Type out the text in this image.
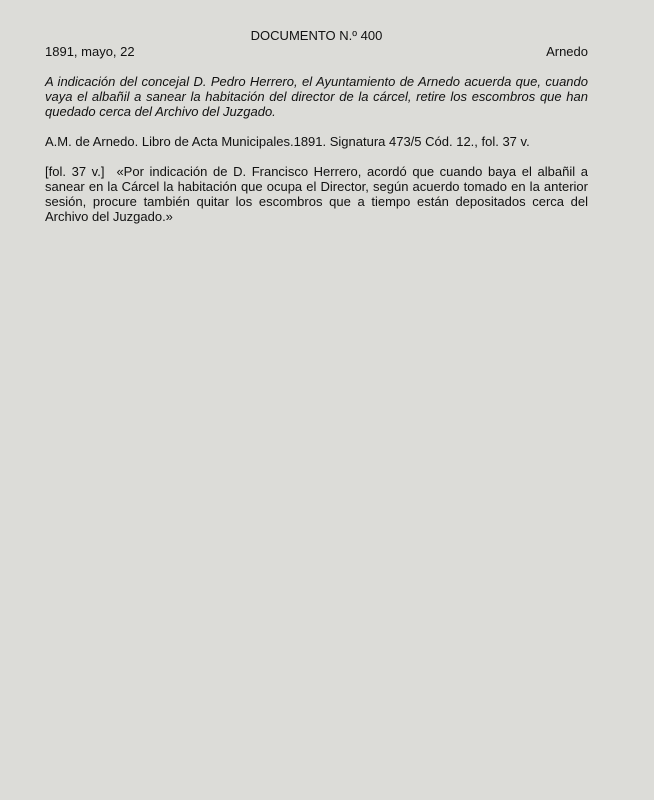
DOCUMENTO N.º 400
1891, mayo, 22	Arnedo
A indicación del concejal D. Pedro Herrero, el Ayuntamiento de Arnedo acuerda que, cuando vaya el albañil a sanear la habitación del director de la cárcel, retire los escombros que han quedado cerca del Archivo del Juzgado.
A.M. de Arnedo. Libro de Acta Municipales.1891. Signatura 473/5 Cód. 12., fol. 37 v.
[fol. 37 v.] «Por indicación de D. Francisco Herrero, acordó que cuando baya el albañil a sanear en la Cárcel la habitación que ocupa el Director, según acuerdo tomado en la anterior sesión, procure también quitar los escombros que a tiempo están depositados cerca del Archivo del Juzgado.»
